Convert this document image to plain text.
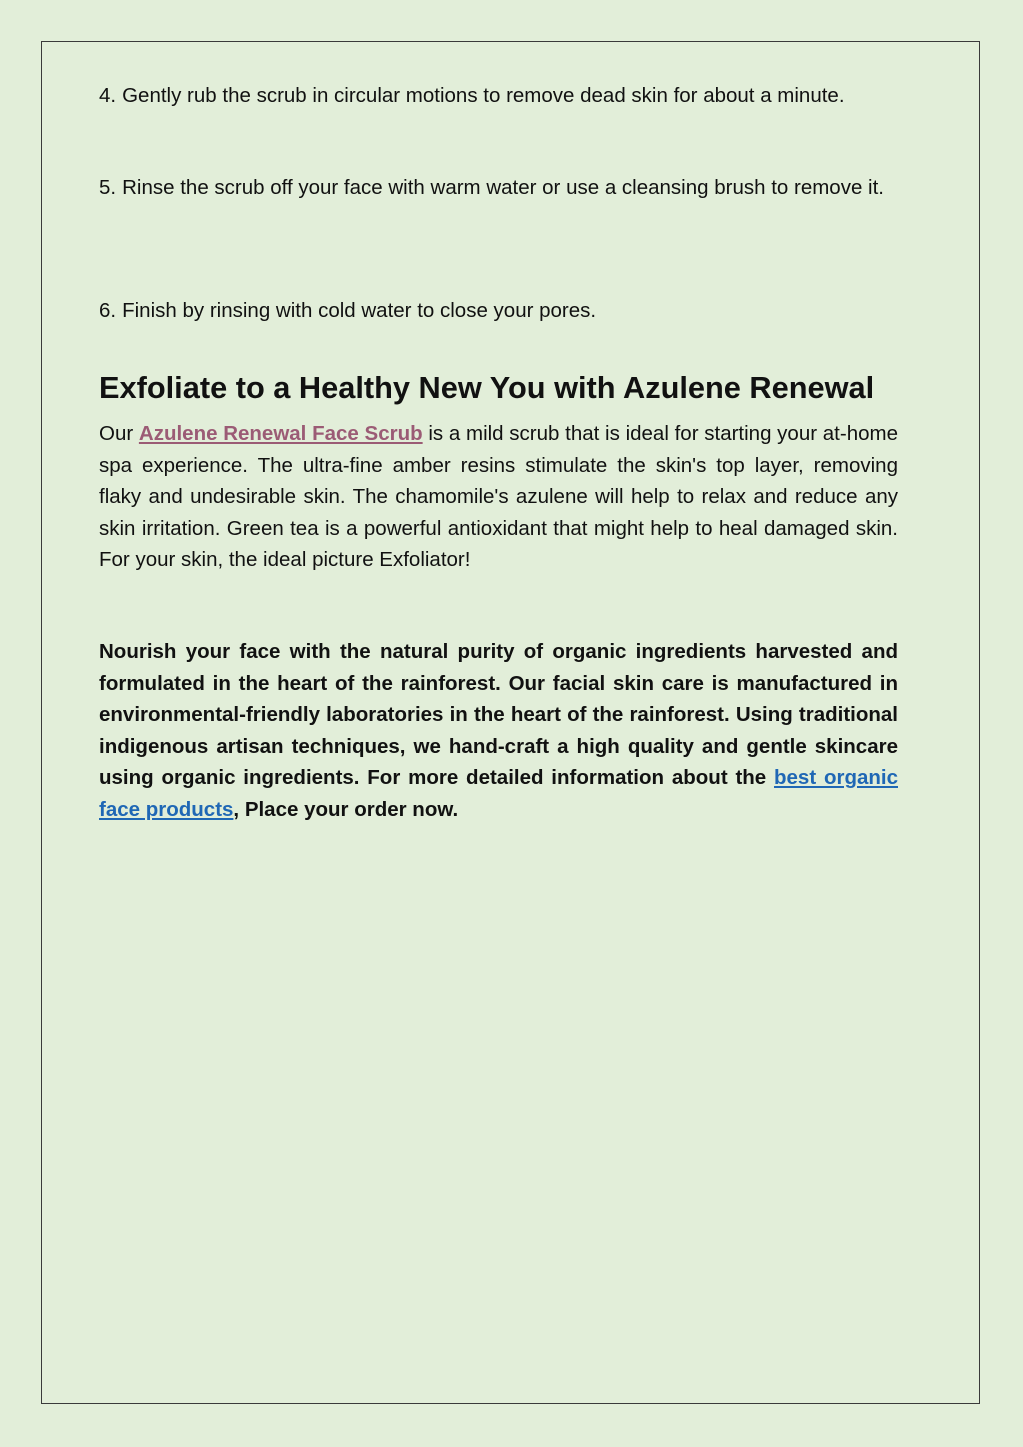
4. Gently rub the scrub in circular motions to remove dead skin for about a minute.

5. Rinse the scrub off your face with warm water or use a cleansing brush to remove it.

6. Finish by rinsing with cold water to close your pores.

Exfoliate to a Healthy New You with Azulene Renewal

Our Azulene Renewal Face Scrub is a mild scrub that is ideal for starting your at-home spa experience. The ultra-fine amber resins stimulate the skin's top layer, removing flaky and undesirable skin. The chamomile's azulene will help to relax and reduce any skin irritation. Green tea is a powerful antioxidant that might help to heal damaged skin. For your skin, the ideal picture Exfoliator!

Nourish your face with the natural purity of organic ingredients harvested and formulated in the heart of the rainforest. Our facial skin care is manufactured in environmental-friendly laboratories in the heart of the rainforest. Using traditional indigenous artisan techniques, we hand-craft a high quality and gentle skincare using organic ingredients. For more detailed information about the best organic face products, Place your order now.
